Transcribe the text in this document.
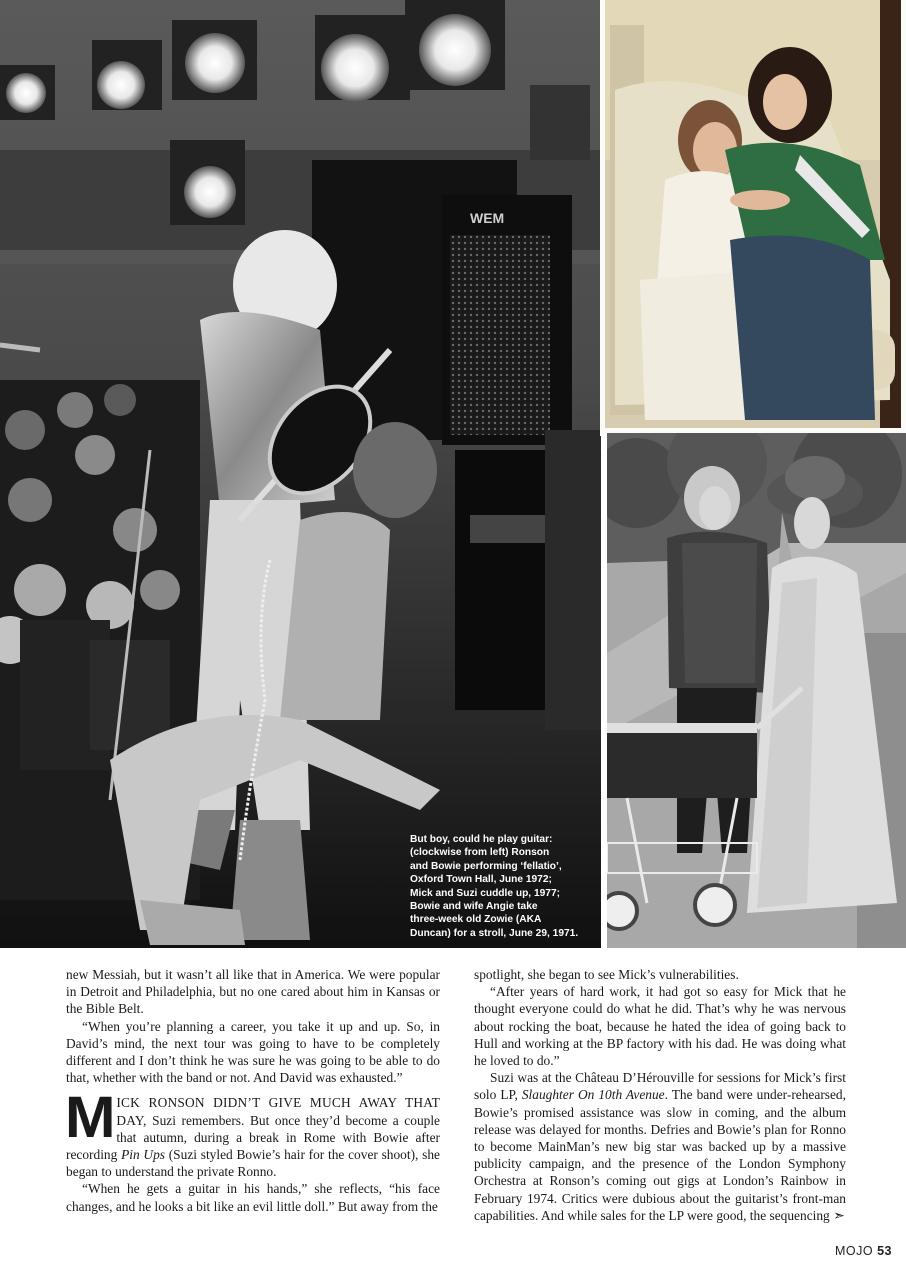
WEM
But boy, could he play guitar:
(clockwise from left) Ronson
and Bowie performing ‘fellatio’,
Oxford Town Hall, June 1972;
Mick and Suzi cuddle up, 1977;
Bowie and wife Angie take
three-week old Zowie (AKA
Duncan) for a stroll, June 29, 1971.

new Messiah, but it wasn’t all like that in America. We were popular in Detroit and Philadelphia, but no one cared about him in Kansas or the Bible Belt.

“When you’re planning a career, you take it up and up. So, in David’s mind, the next tour was going to have to be completely different and I don’t think he was sure he was going to be able to do that, whether with the band or not. And David was exhausted.”

MICK RONSON DIDN’T GIVE MUCH AWAY THAT DAY, Suzi remembers. But once they’d become a couple that autumn, during a break in Rome with Bowie after recording Pin Ups (Suzi styled Bowie’s hair for the cover shoot), she began to understand the private Ronno.

“When he gets a guitar in his hands,” she reflects, “his face changes, and he looks a bit like an evil little doll.” But away from the

spotlight, she began to see Mick’s vulnerabilities.

“After years of hard work, it had got so easy for Mick that he thought everyone could do what he did. That’s why he was nervous about rocking the boat, because he hated the idea of going back to Hull and working at the BP factory with his dad. He was doing what he loved to do.”

Suzi was at the Château D’Hérouville for sessions for Mick’s first solo LP, Slaughter On 10th Avenue. The band were under-rehearsed, Bowie’s promised assistance was slow in coming, and the album release was delayed for months. Defries and Bowie’s plan for Ronno to become MainMan’s new big star was backed up by a massive publicity campaign, and the presence of the London Symphony Orchestra at Ronson’s coming out gigs at London’s Rainbow in February 1974. Critics were dubious about the guitarist’s front-man capabilities. And while sales for the LP were good, the sequencing ➣

MOJO 53
